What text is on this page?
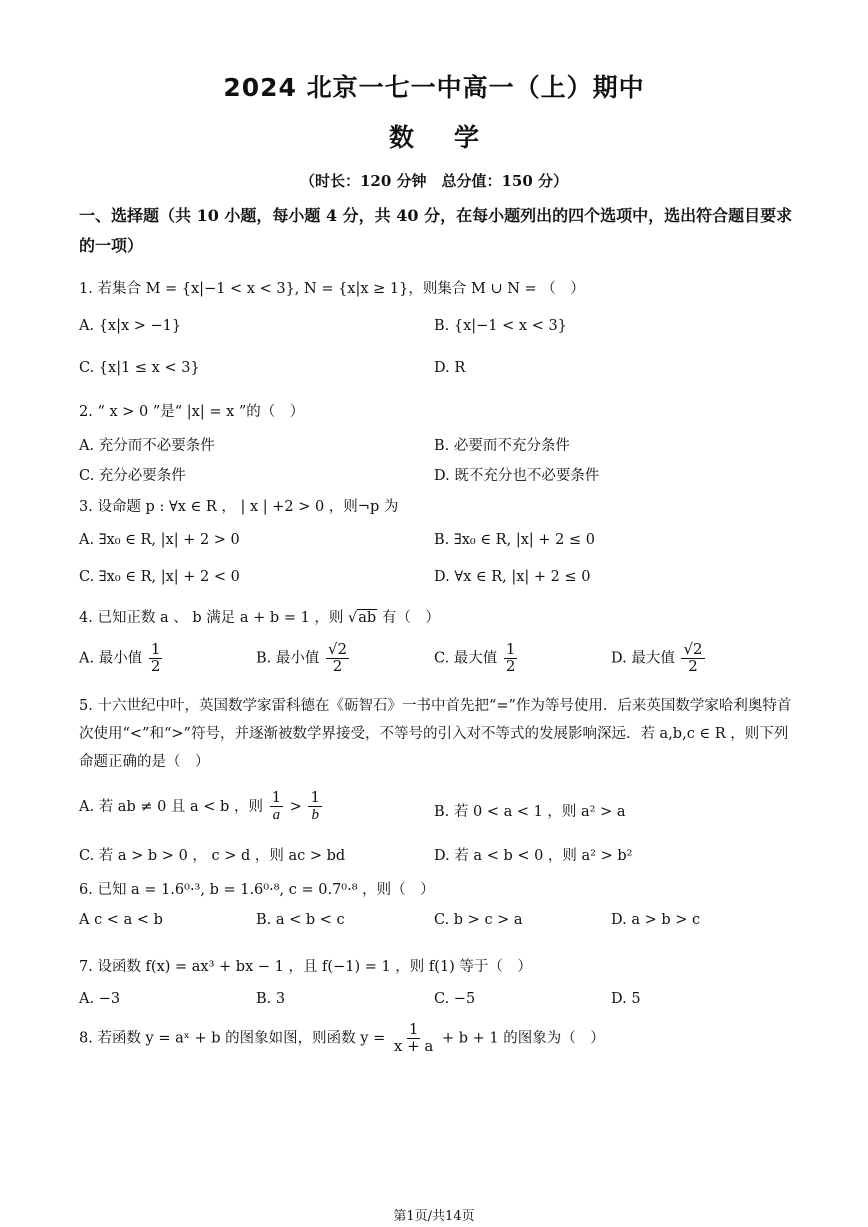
2024 北京一七一中高一（上）期中
数学
（时长：120 分钟　总分值：150 分）
一、选择题（共 10 小题，每小题 4 分，共 40 分，在每小题列出的四个选项中，选出符合题目要求的一项）
1. 若集合 M = {x|−1 < x < 3}, N = {x|x ≥ 1}，则集合 M ∪ N = （　）
A. {x|x > −1}	B. {x|−1 < x < 3}
C. {x|1 ≤ x < 3}	D. R
2. “ x > 0 ”是“ |x| = x ”的（　）
A. 充分而不必要条件	B. 必要而不充分条件
C. 充分必要条件	D. 既不充分也不必要条件
3. 设命题 p : ∀x ∈ R ， | x | +2 > 0 ，则¬p 为
A. ∃x₀ ∈ R, |x| + 2 > 0	B. ∃x₀ ∈ R, |x| + 2 ≤ 0
C. ∃x₀ ∈ R, |x| + 2 < 0	D. ∀x ∈ R, |x| + 2 ≤ 0
4. 已知正数 a 、 b 满足 a + b = 1 ，则 √ab 有（　）
A. 最小值 $\frac{1}{2}$	B. 最小值 $\frac{√2}{2}$	C. 最大值 $\frac{1}{2}$	D. 最大值 $\frac{√2}{2}$
5. 十六世纪中叶，英国数学家雷科德在《砺智石》一书中首先把“=”作为等号使用．后来英国数学家哈利奥特首次使用“<”和“>”符号，并逐渐被数学界接受，不等号的引入对不等式的发展影响深远．若 a,b,c ∈ R ，则下列命题正确的是（　）
A. 若 ab ≠ 0 且 a < b ，则 $\frac{1}{a} > \frac{1}{b}$	B. 若 0 < a < 1 ，则 a² > a
C. 若 a > b > 0 ， c > d ，则 ac > bd	D. 若 a < b < 0 ，则 a² > b²
6. 已知 a = 1.6⁰·³, b = 1.6⁰·⁸, c = 0.7⁰·⁸ ，则（　）
A c < a < b	B. a < b < c	C. b > c > a	D. a > b > c
7. 设函数 f(x) = ax³ + bx − 1 ，且 f(−1) = 1 ，则 f(1) 等于（　）
A. −3	B. 3	C. −5	D. 5
8. 若函数 y = aˣ + b 的图象如图，则函数 $y = \frac{1}{x + a} + b + 1$ 的图象为（　）
第1页/共14页
